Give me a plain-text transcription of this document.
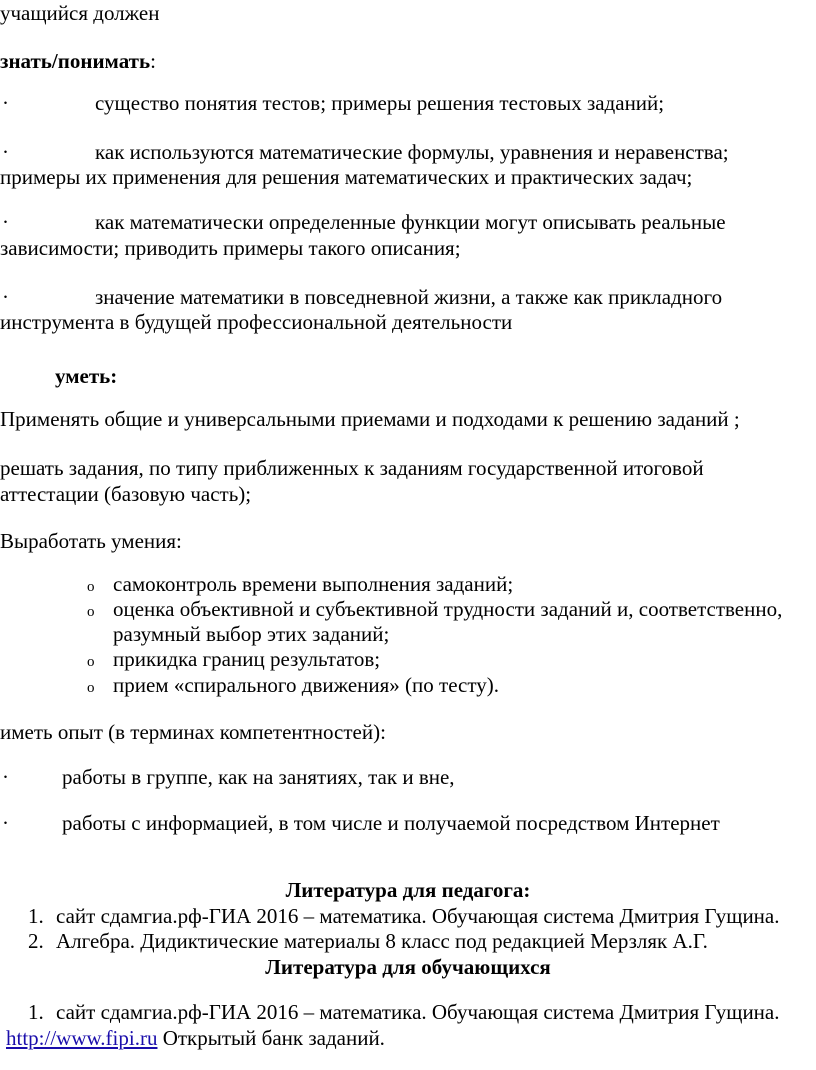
учащийся должен
знать/понимать:
·	существо понятия тестов; примеры решения тестовых заданий;
·	как используются математические формулы, уравнения и неравенства;
примеры их применения для решения математических и практических задач;
·	как математически определенные функции могут описывать реальные
зависимости; приводить примеры такого описания;
·	значение математики в повседневной жизни, а также как прикладного
инструмента в будущей профессиональной деятельности
уметь:
Применять общие и универсальными приемами и подходами к решению заданий ;
решать задания, по типу приближенных к заданиям государственной итоговой
аттестации (базовую часть);
Выработать умения:
o самоконтроль времени выполнения заданий;
o оценка объективной и субъективной трудности заданий и, соответственно,
разумный выбор этих заданий;
o прикидка границ результатов;
o прием «спирального движения» (по тесту).
иметь опыт (в терминах компетентностей):
·	работы в группе, как на занятиях, так и вне,
·	работы с информацией, в том числе и получаемой посредством Интернет
Литература для педагога:
1. сайт сдамгиа.рф-ГИА 2016 – математика. Обучающая система Дмитрия Гущина.
2. Алгебра. Дидиктические материалы 8 класс под редакцией Мерзляк А.Г.
Литература для обучающихся
1. сайт сдамгиа.рф-ГИА 2016 – математика. Обучающая система Дмитрия Гущина.
http://www.fipi.ru Открытый банк заданий.
